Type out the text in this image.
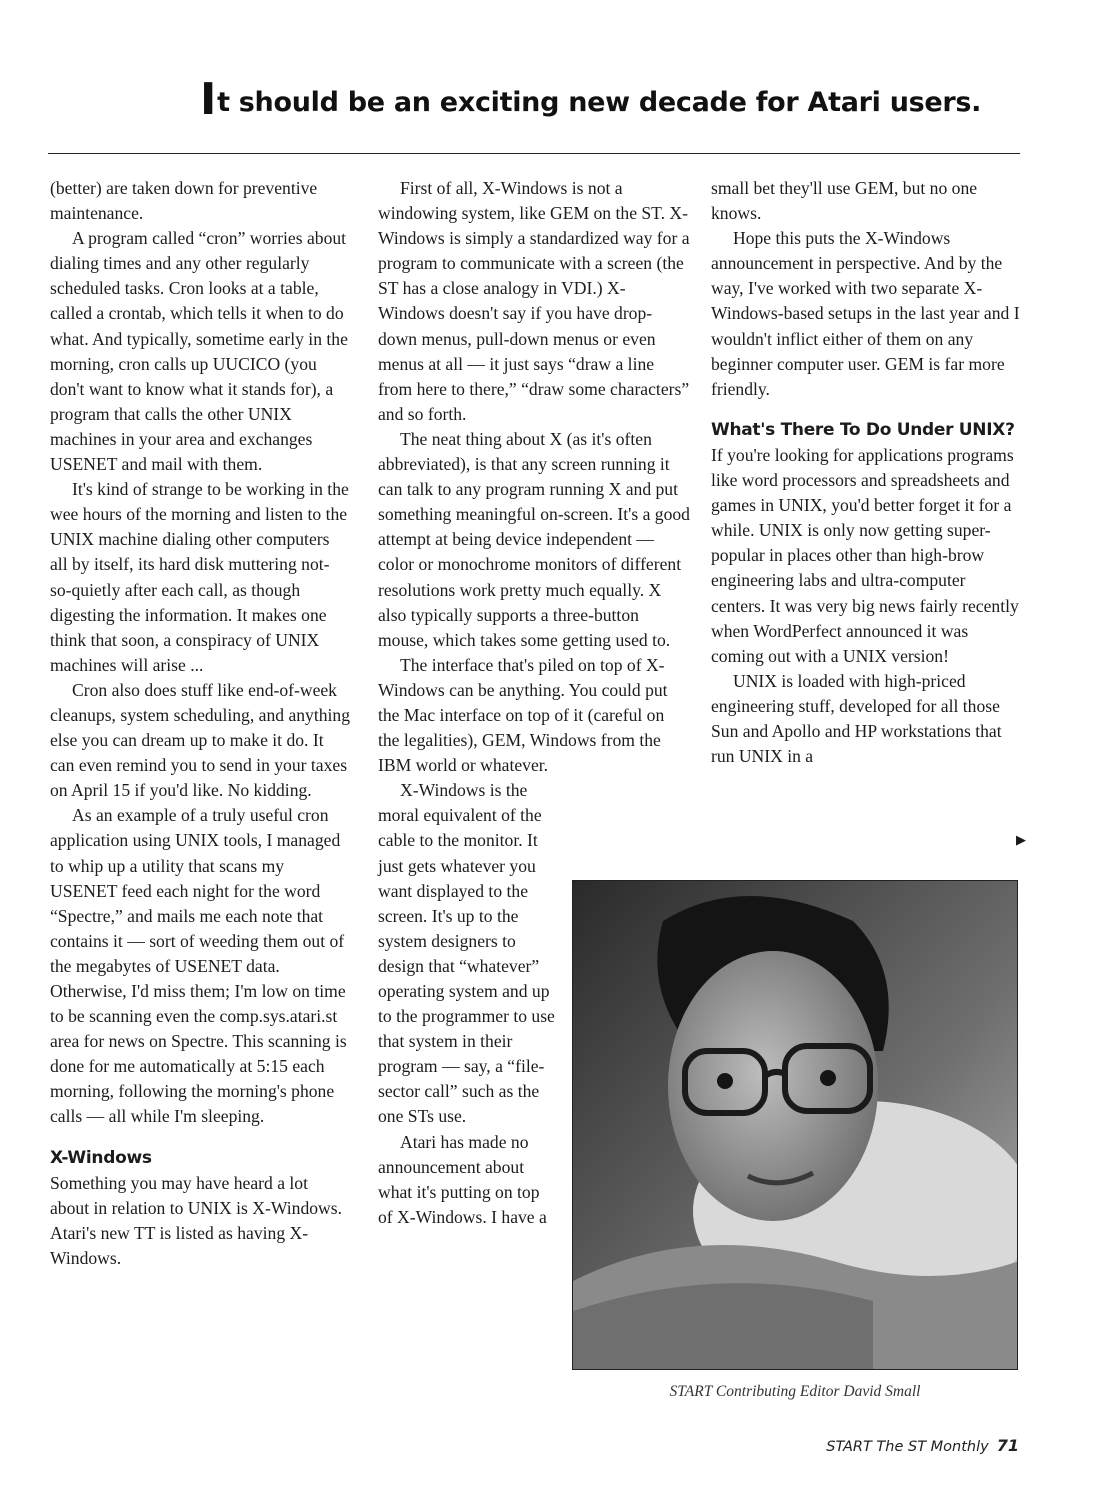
It should be an exciting new decade for Atari users.

(better) are taken down for preventive maintenance.

A program called “cron” worries about dialing times and any other regularly scheduled tasks. Cron looks at a table, called a crontab, which tells it when to do what. And typically, sometime early in the morning, cron calls up UUCICO (you don't want to know what it stands for), a program that calls the other UNIX machines in your area and exchanges USENET and mail with them.

It's kind of strange to be working in the wee hours of the morning and listen to the UNIX machine dialing other computers all by itself, its hard disk muttering not-so-quietly after each call, as though digesting the information. It makes one think that soon, a conspiracy of UNIX machines will arise ...

Cron also does stuff like end-of-week cleanups, system scheduling, and anything else you can dream up to make it do. It can even remind you to send in your taxes on April 15 if you'd like. No kidding.

As an example of a truly useful cron application using UNIX tools, I managed to whip up a utility that scans my USENET feed each night for the word “Spectre,” and mails me each note that contains it — sort of weeding them out of the megabytes of USENET data. Otherwise, I'd miss them; I'm low on time to be scanning even the comp.sys.atari.st area for news on Spectre. This scanning is done for me automatically at 5:15 each morning, following the morning's phone calls — all while I'm sleeping.

X-Windows

Something you may have heard a lot about in relation to UNIX is X-Windows. Atari's new TT is listed as having X-Windows.

First of all, X-Windows is not a windowing system, like GEM on the ST. X-Windows is simply a standardized way for a program to communicate with a screen (the ST has a close analogy in VDI.) X-Windows doesn't say if you have drop-down menus, pull-down menus or even menus at all — it just says “draw a line from here to there,” “draw some characters” and so forth.

The neat thing about X (as it's often abbreviated), is that any screen running it can talk to any program running X and put something meaningful on-screen. It's a good attempt at being device independent — color or monochrome monitors of different resolutions work pretty much equally. X also typically supports a three-button mouse, which takes some getting used to.

The interface that's piled on top of X-Windows can be anything. You could put the Mac interface on top of it (careful on the legalities), GEM, Windows from the IBM world or whatever.

X-Windows is the moral equivalent of the cable to the monitor. It just gets whatever you want displayed to the screen. It's up to the system designers to design that “whatever” operating system and up to the programmer to use that system in their program — say, a “file-sector call” such as the one STs use.

Atari has made no announcement about what it's putting on top of X-Windows. I have a

small bet they'll use GEM, but no one knows.

Hope this puts the X-Windows announcement in perspective. And by the way, I've worked with two separate X-Windows-based setups in the last year and I wouldn't inflict either of them on any beginner computer user. GEM is far more friendly.

What's There To Do Under UNIX?

If you're looking for applications programs like word processors and spreadsheets and games in UNIX, you'd better forget it for a while. UNIX is only now getting super-popular in places other than high-brow engineering labs and ultra-computer centers. It was very big news fairly recently when WordPerfect announced it was coming out with a UNIX version!

UNIX is loaded with high-priced engineering stuff, developed for all those Sun and Apollo and HP workstations that run UNIX in a

▶
START Contributing Editor David Small
START The ST Monthly 71
